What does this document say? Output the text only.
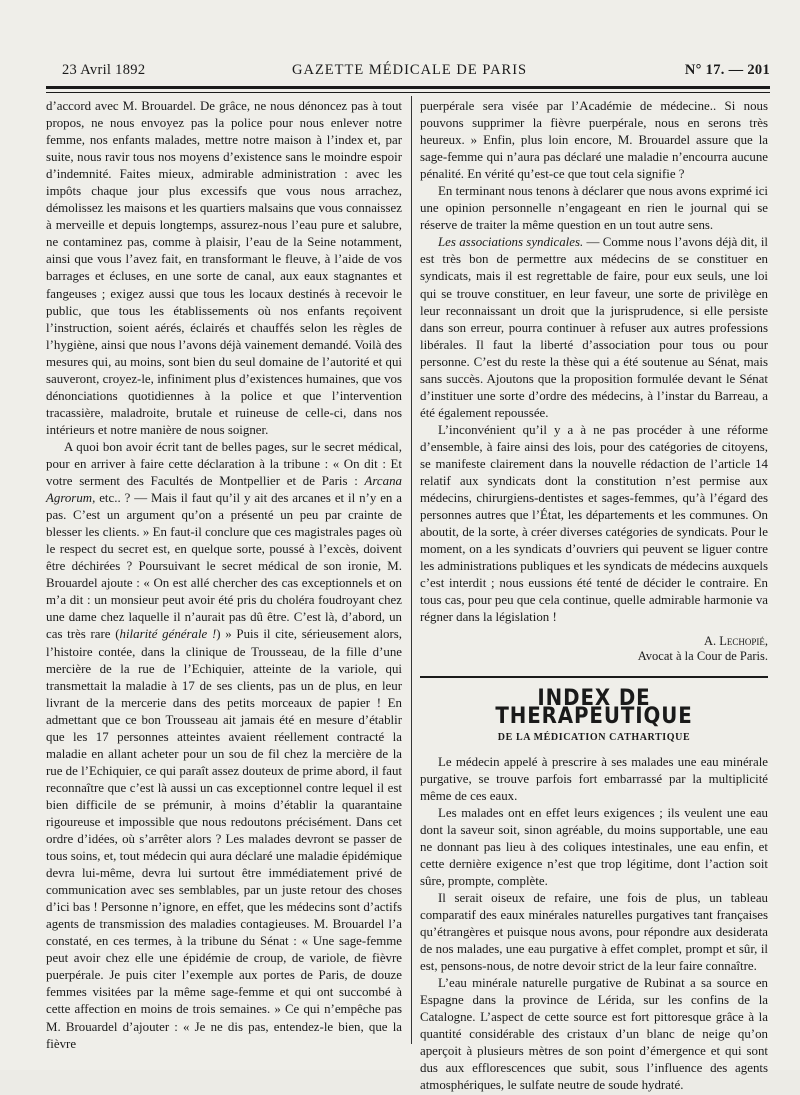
23 Avril 1892	GAZETTE MÉDICALE DE PARIS	N° 17. — 201

d’accord avec M. Brouardel. De grâce, ne nous dénoncez pas à tout propos, ne nous envoyez pas la police pour nous enlever notre femme, nos enfants malades, mettre notre maison à l’index et, par suite, nous ravir tous nos moyens d’existence sans le moindre espoir d’indemnité. Faites mieux, admirable administration : avec les impôts chaque jour plus excessifs que vous nous arrachez, démolissez les maisons et les quartiers malsains que vous connaissez à merveille et depuis longtemps, assurez-nous l’eau pure et salubre, ne contaminez pas, comme à plaisir, l’eau de la Seine notamment, ainsi que vous l’avez fait, en transformant le fleuve, à l’aide de vos barrages et écluses, en une sorte de canal, aux eaux stagnantes et fangeuses ; exigez aussi que tous les locaux destinés à recevoir le public, que tous les établissements où nos enfants reçoivent l’instruction, soient aérés, éclairés et chauffés selon les règles de l’hygiène, ainsi que nous l’avons déjà vainement demandé. Voilà des mesures qui, au moins, sont bien du seul domaine de l’autorité et qui sauveront, croyez-le, infiniment plus d’existences humaines, que vos dénonciations quotidiennes à la police et que l’intervention tracassière, maladroite, brutale et ruineuse de celle-ci, dans nos intérieurs et notre manière de nous soigner.

A quoi bon avoir écrit tant de belles pages, sur le secret médical, pour en arriver à faire cette déclaration à la tribune : « On dit : Et votre serment des Facultés de Montpellier et de Paris : Arcana Agrorum, etc.. ? — Mais il faut qu’il y ait des arcanes et il n’y en a pas. C’est un argument qu’on a présenté un peu par crainte de blesser les clients. » En faut-il conclure que ces magistrales pages où le respect du secret est, en quelque sorte, poussé à l’excès, doivent être déchirées ? Poursuivant le secret médical de son ironie, M. Brouardel ajoute : « On est allé chercher des cas exceptionnels et on m’a dit : un monsieur peut avoir été pris du choléra foudroyant chez une dame chez laquelle il n’aurait pas dû être. C’est là, d’abord, un cas très rare (hilarité générale !) » Puis il cite, sérieusement alors, l’histoire contée, dans la clinique de Trousseau, de la fille d’une mercière de la rue de l’Echiquier, atteinte de la variole, qui transmettait la maladie à 17 de ses clients, pas un de plus, en leur livrant de la mercerie dans des petits morceaux de papier ! En admettant que ce bon Trousseau ait jamais été en mesure d’établir que les 17 personnes atteintes avaient réellement contracté la maladie en allant acheter pour un sou de fil chez la mercière de la rue de l’Echiquier, ce qui paraît assez douteux de prime abord, il faut reconnaître que c’est là aussi un cas exceptionnel contre lequel il est bien difficile de se prémunir, à moins d’établir la quarantaine rigoureuse et impossible que nous redoutons précisément. Dans cet ordre d’idées, où s’arrêter alors ? Les malades devront se passer de tous soins, et, tout médecin qui aura déclaré une maladie épidémique devra lui-même, devra lui surtout être immédiatement privé de communication avec ses semblables, par un juste retour des choses d’ici bas ! Personne n’ignore, en effet, que les médecins sont d’actifs agents de transmission des maladies contagieuses. M. Brouardel l’a constaté, en ces termes, à la tribune du Sénat : « Une sage-femme peut avoir chez elle une épidémie de croup, de variole, de fièvre puerpérale. Je puis citer l’exemple aux portes de Paris, de douze femmes visitées par la même sage-femme et qui ont succombé à cette affection en moins de trois semaines. » Ce qui n’empêche pas M. Brouardel d’ajouter : « Je ne dis pas, entendez-le bien, que la fièvre

puerpérale sera visée par l’Académie de médecine.. Si nous pouvons supprimer la fièvre puerpérale, nous en serons très heureux. » Enfin, plus loin encore, M. Brouardel assure que la sage-femme qui n’aura pas déclaré une maladie n’encourra aucune pénalité. En vérité qu’est-ce que tout cela signifie ?

En terminant nous tenons à déclarer que nous avons exprimé ici une opinion personnelle n’engageant en rien le journal qui se réserve de traiter la même question en un tout autre sens.

Les associations syndicales. — Comme nous l’avons déjà dit, il est très bon de permettre aux médecins de se constituer en syndicats, mais il est regrettable de faire, pour eux seuls, une loi qui se trouve constituer, en leur faveur, une sorte de privilège en leur reconnaissant un droit que la jurisprudence, si elle persiste dans son erreur, pourra continuer à refuser aux autres professions libérales. Il faut la liberté d’association pour tous ou pour personne. C’est du reste la thèse qui a été soutenue au Sénat, mais sans succès. Ajoutons que la proposition formulée devant le Sénat d’instituer une sorte d’ordre des médecins, à l’instar du Barreau, a été également repoussée.

L’inconvénient qu’il y a à ne pas procéder à une réforme d’ensemble, à faire ainsi des lois, pour des catégories de citoyens, se manifeste clairement dans la nouvelle rédaction de l’article 14 relatif aux syndicats dont la constitution n’est permise aux médecins, chirurgiens-dentistes et sages-femmes, qu’à l’égard des personnes autres que l’État, les départements et les communes. On aboutit, de la sorte, à créer diverses catégories de syndicats. Pour le moment, on a les syndicats d’ouvriers qui peuvent se liguer contre les administrations publiques et les syndicats de médecins auxquels c’est interdit ; nous eussions été tenté de décider le contraire. En tous cas, pour peu que cela continue, quelle admirable harmonie va régner dans la législation !

A. Lechopié,
Avocat à la Cour de Paris.
INDEX DE THERAPEUTIQUE
DE LA MÉDICATION CATHARTIQUE

Le médecin appelé à prescrire à ses malades une eau minérale purgative, se trouve parfois fort embarrassé par la multiplicité même de ces eaux.

Les malades ont en effet leurs exigences ; ils veulent une eau dont la saveur soit, sinon agréable, du moins supportable, une eau ne donnant pas lieu à des coliques intestinales, une eau enfin, et cette dernière exigence n’est que trop légitime, dont l’action soit sûre, prompte, complète.

Il serait oiseux de refaire, une fois de plus, un tableau comparatif des eaux minérales naturelles purgatives tant françaises qu’étrangères et puisque nous avons, pour répondre aux desiderata de nos malades, une eau purgative à effet complet, prompt et sûr, il est, pensons-nous, de notre devoir strict de la leur faire connaître.

L’eau minérale naturelle purgative de Rubinat a sa source en Espagne dans la province de Lérida, sur les confins de la Catalogne. L’aspect de cette source est fort pittoresque grâce à la quantité considérable des cristaux d’un blanc de neige qu’on aperçoit à plusieurs mètres de son point d’émergence et qui sont dus aux efflorescences que subit, sous l’influence des agents atmosphériques, le sulfate neutre de soude hydraté.
